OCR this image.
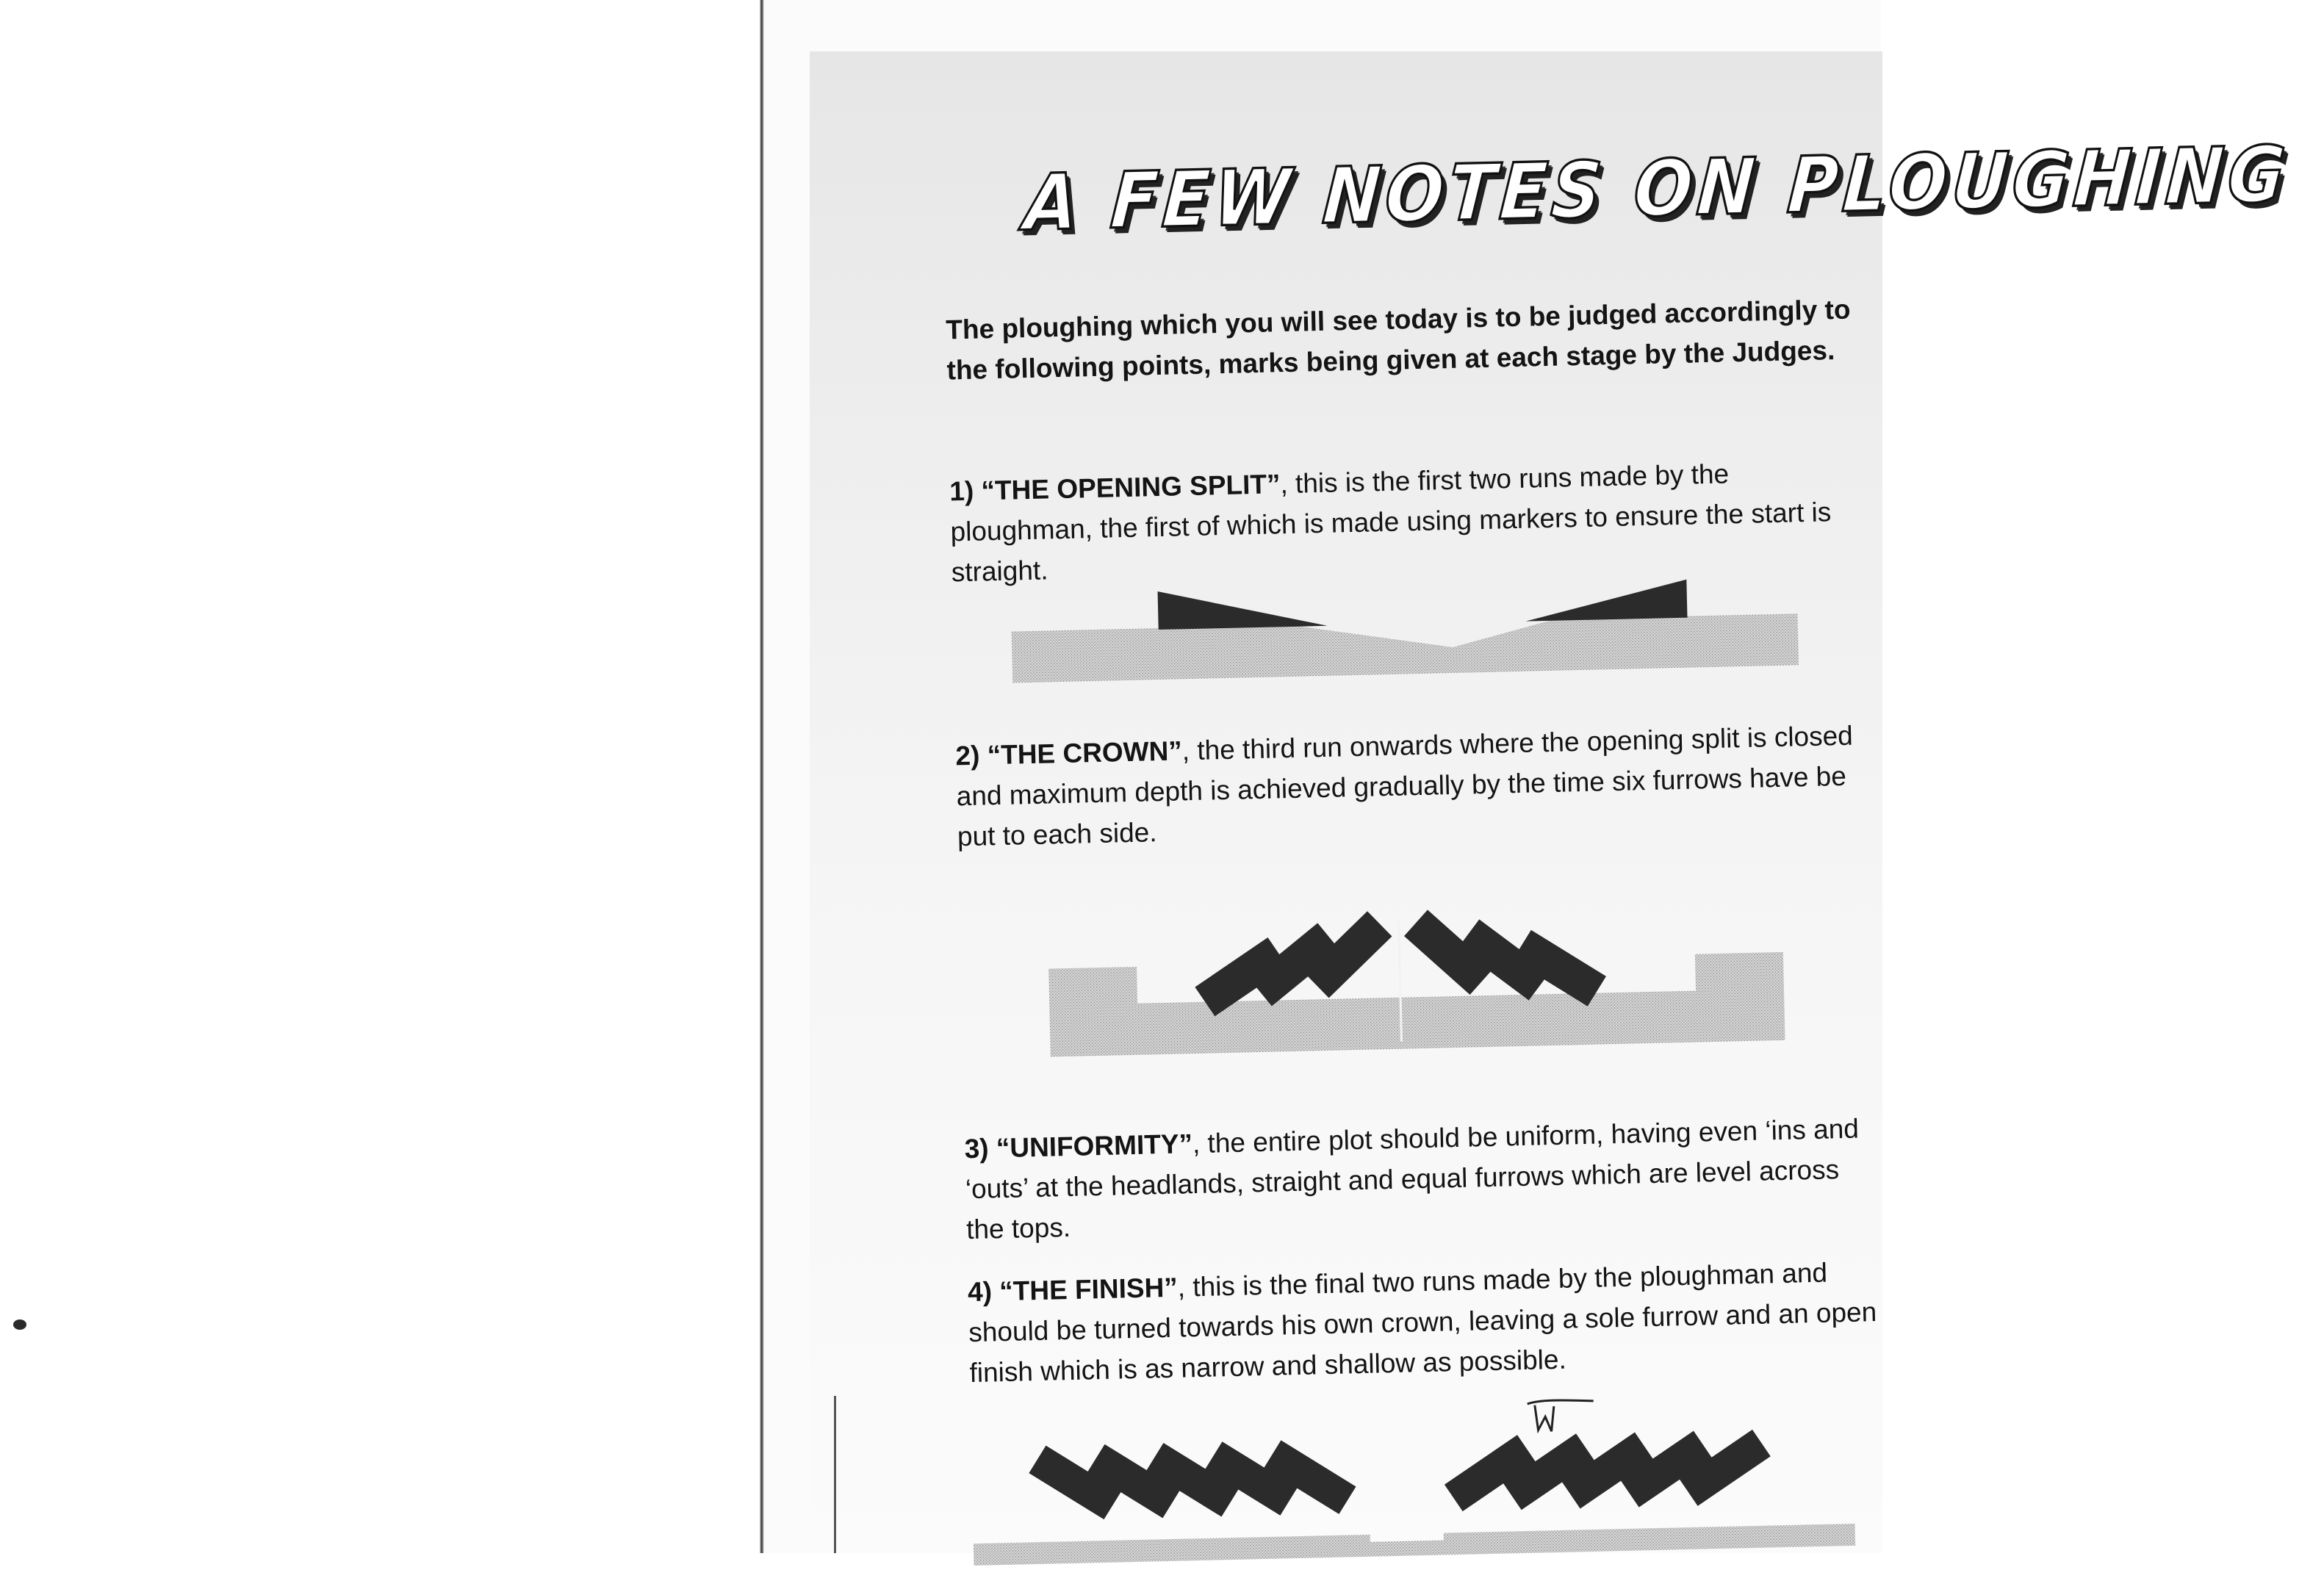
A FEW NOTES ON PLOUGHING

The ploughing which you will see today is to be judged accordingly to the following points, marks being given at each stage by the Judges.

1) “THE OPENING SPLIT”, this is the first two runs made by the ploughman, the first of which is made using markers to ensure the start is straight.

2) “THE CROWN”, the third run onwards where the opening split is closed and maximum depth is achieved gradually by the time six furrows have be put to each side.

3) “UNIFORMITY”, the entire plot should be uniform, having even ‘ins and ‘outs’ at the headlands, straight and equal furrows which are level across the tops.

4) “THE FINISH”, this is the final two runs made by the ploughman and should be turned towards his own crown, leaving a sole furrow and an open finish which is as narrow and shallow as possible.
